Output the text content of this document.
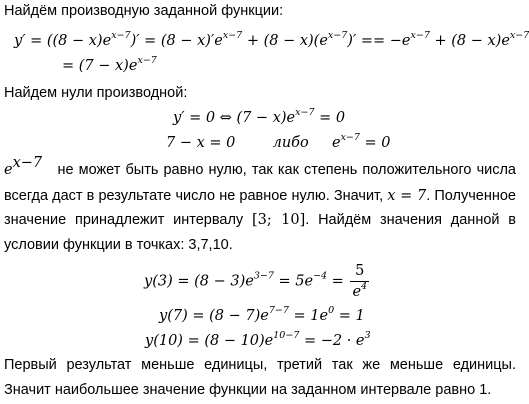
Найдём производную заданной функции:
$y' = ((8 - x)e^{x-7})' = (8 - x)'e^{x-7} + (8 - x)(e^{x-7})' == -e^{x-7} + (8 - x)e^{x-7}$
= $(7 - x)e^{x-7}$
Найдем нули производной:
y′ = 0 ⇔ $(7 - x)e^{x-7} = 0$
7 − x = 0	либо $e^{x-7} = 0$
$e^{x-7}$ не может быть равно нулю, так как степень положительного числа
всегда даст в результате число не равное нулю. Значит, x = 7. Полученное
значение принадлежит интервалу [3; 10]. Найдём значения данной в
условии функции в точках: 3,7,10.
$y(3) = (8 - 3)e^{3-7} = 5e^{-4} = \frac{5}{e^4}$
$y(7) = (8 - 7)e^{7-7} = 1e^0 = 1$
$y(10) = (8 - 10)e^{10-7} = -2 \cdot e^3$
Первый результат меньше единицы, третий так же меньше единицы.
Значит наибольшее значение функции на заданном интервале равно 1.
